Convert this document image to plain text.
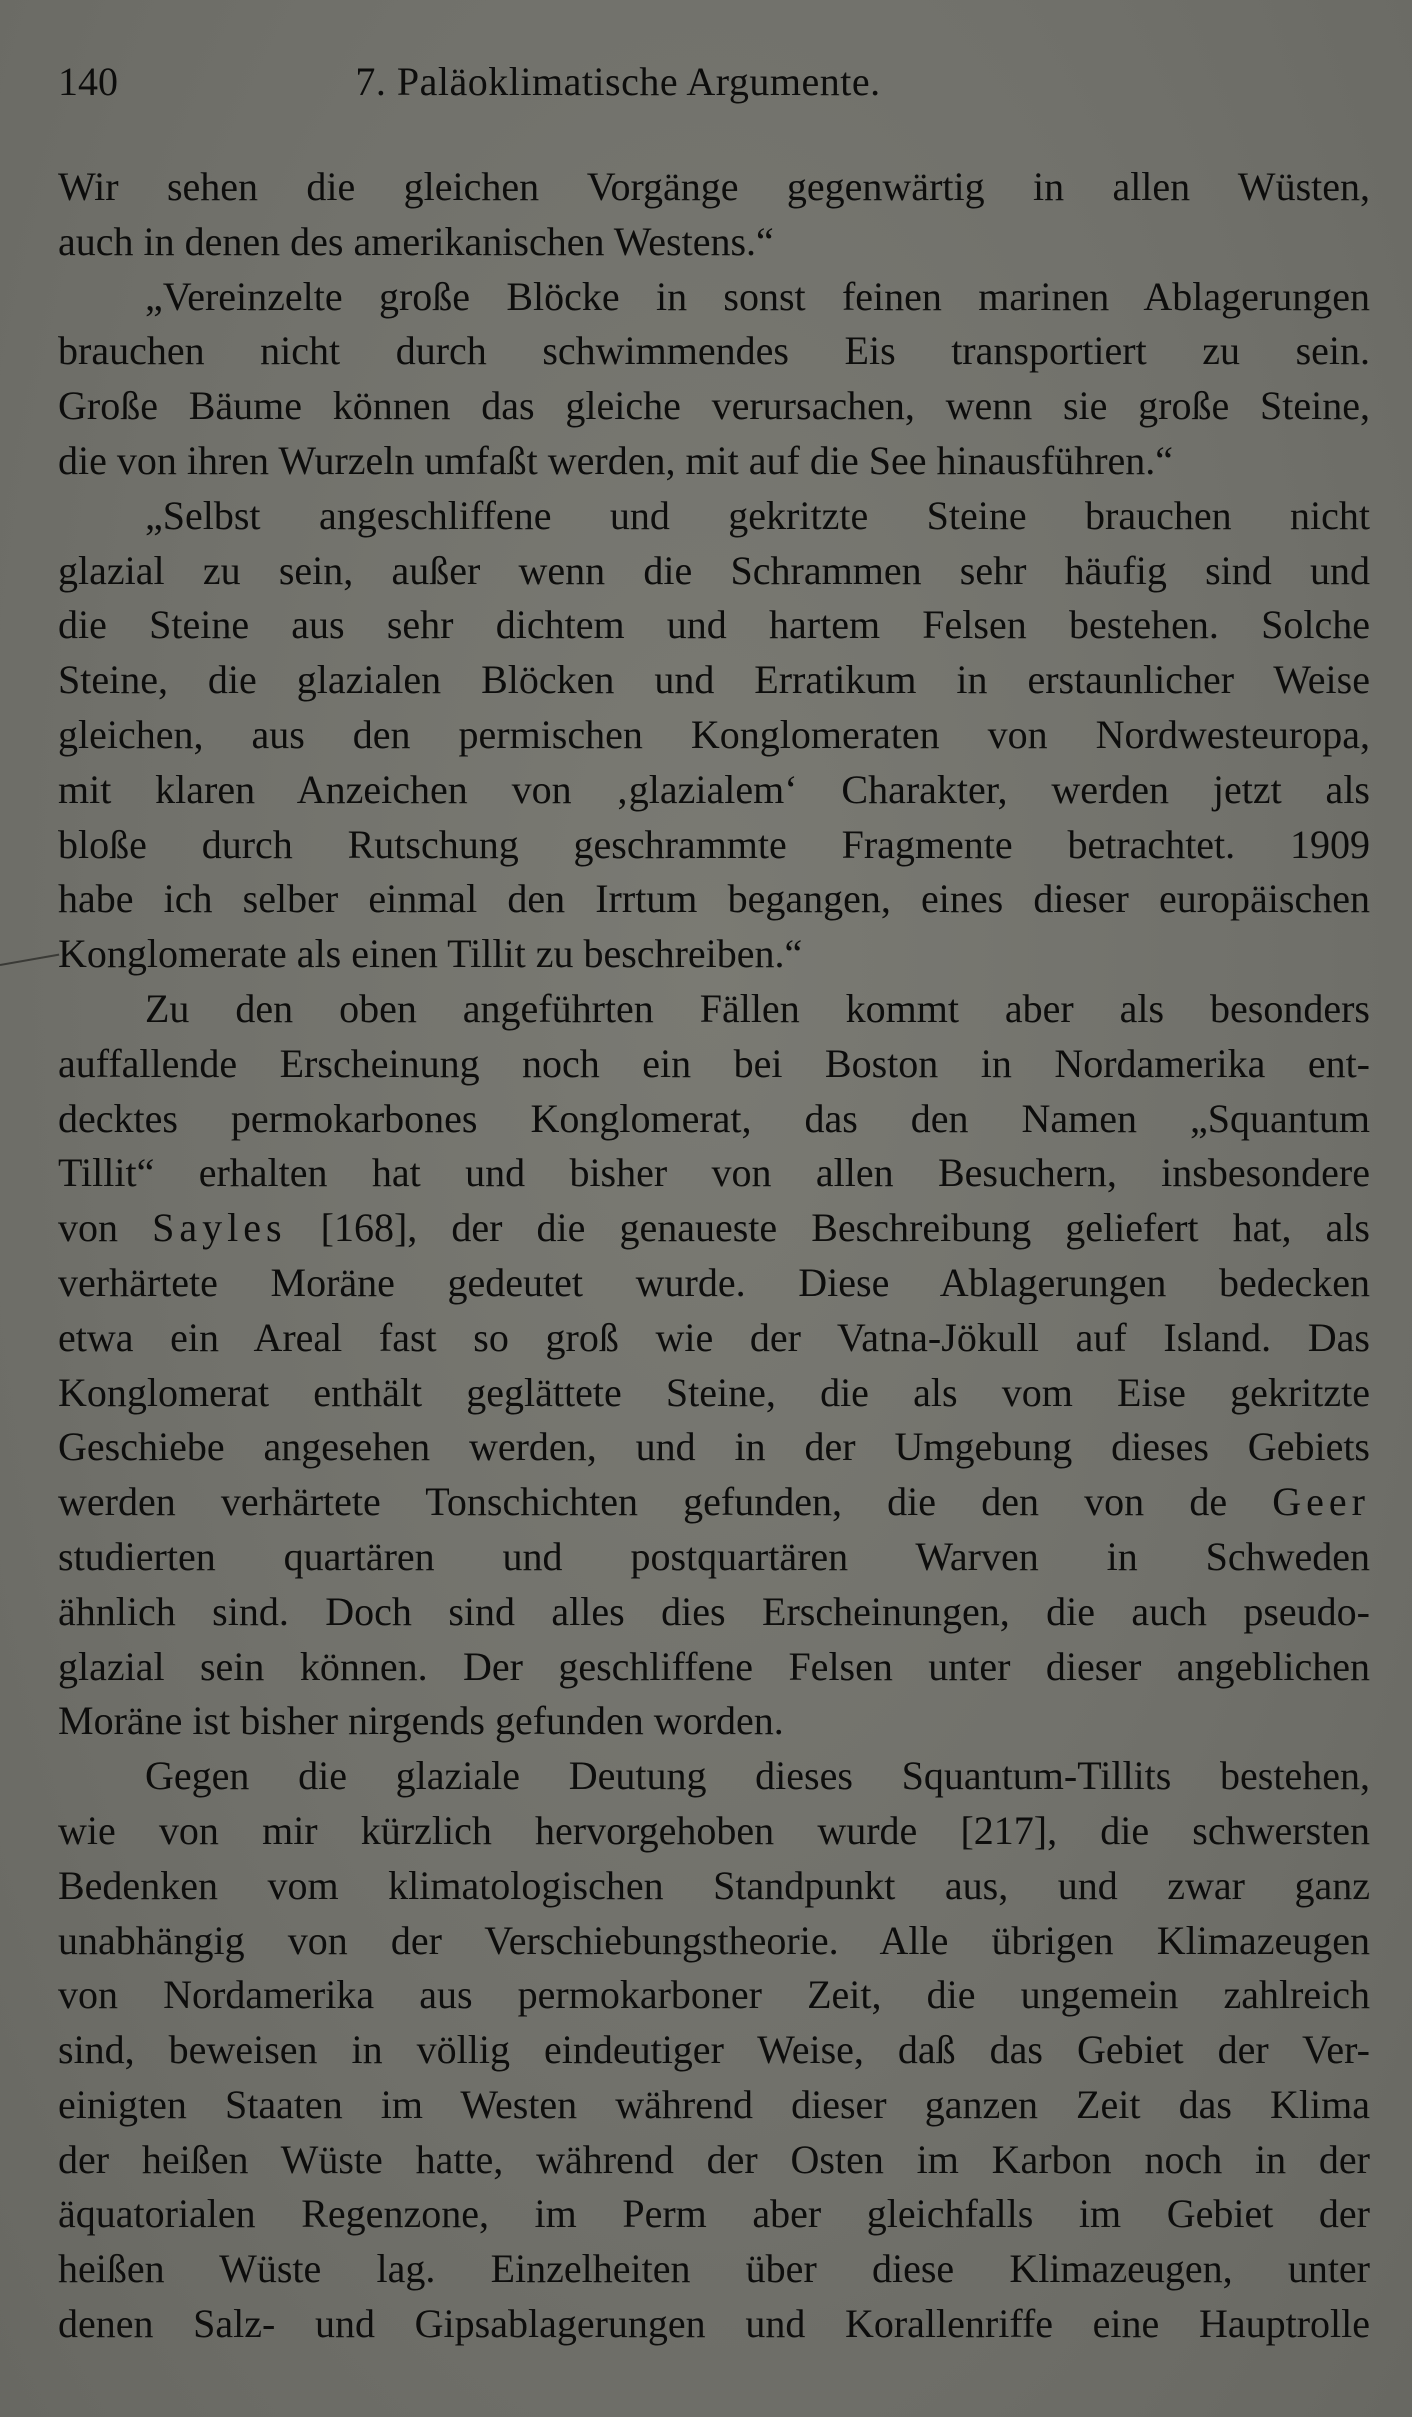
140	7. Paläoklimatische Argumente.
Wir sehen die gleichen Vorgänge gegenwärtig in allen Wüsten,
auch in denen des amerikanischen Westens.“
„Vereinzelte große Blöcke in sonst feinen marinen Ablagerungen
brauchen nicht durch schwimmendes Eis transportiert zu sein.
Große Bäume können das gleiche verursachen, wenn sie große Steine,
die von ihren Wurzeln umfaßt werden, mit auf die See hinausführen.“
„Selbst angeschliffene und gekritzte Steine brauchen nicht
glazial zu sein, außer wenn die Schrammen sehr häufig sind und
die Steine aus sehr dichtem und hartem Felsen bestehen. Solche
Steine, die glazialen Blöcken und Erratikum in erstaunlicher Weise
gleichen, aus den permischen Konglomeraten von Nordwesteuropa,
mit klaren Anzeichen von ‚glazialem‘ Charakter, werden jetzt als
bloße durch Rutschung geschrammte Fragmente betrachtet. 1909
habe ich selber einmal den Irrtum begangen, eines dieser europäischen
Konglomerate als einen Tillit zu beschreiben.“
Zu den oben angeführten Fällen kommt aber als besonders
auffallende Erscheinung noch ein bei Boston in Nordamerika ent-
decktes permokarbones Konglomerat, das den Namen „Squantum
Tillit“ erhalten hat und bisher von allen Besuchern, insbesondere
von Sayles [168], der die genaueste Beschreibung geliefert hat, als
verhärtete Moräne gedeutet wurde. Diese Ablagerungen bedecken
etwa ein Areal fast so groß wie der Vatna-Jökull auf Island. Das
Konglomerat enthält geglättete Steine, die als vom Eise gekritzte
Geschiebe angesehen werden, und in der Umgebung dieses Gebiets
werden verhärtete Tonschichten gefunden, die den von de Geer
studierten quartären und postquartären Warven in Schweden
ähnlich sind. Doch sind alles dies Erscheinungen, die auch pseudo-
glazial sein können. Der geschliffene Felsen unter dieser angeblichen
Moräne ist bisher nirgends gefunden worden.
Gegen die glaziale Deutung dieses Squantum-Tillits bestehen,
wie von mir kürzlich hervorgehoben wurde [217], die schwersten
Bedenken vom klimatologischen Standpunkt aus, und zwar ganz
unabhängig von der Verschiebungstheorie. Alle übrigen Klimazeugen
von Nordamerika aus permokarboner Zeit, die ungemein zahlreich
sind, beweisen in völlig eindeutiger Weise, daß das Gebiet der Ver-
einigten Staaten im Westen während dieser ganzen Zeit das Klima
der heißen Wüste hatte, während der Osten im Karbon noch in der
äquatorialen Regenzone, im Perm aber gleichfalls im Gebiet der
heißen Wüste lag. Einzelheiten über diese Klimazeugen, unter
denen Salz- und Gipsablagerungen und Korallenriffe eine Hauptrolle
